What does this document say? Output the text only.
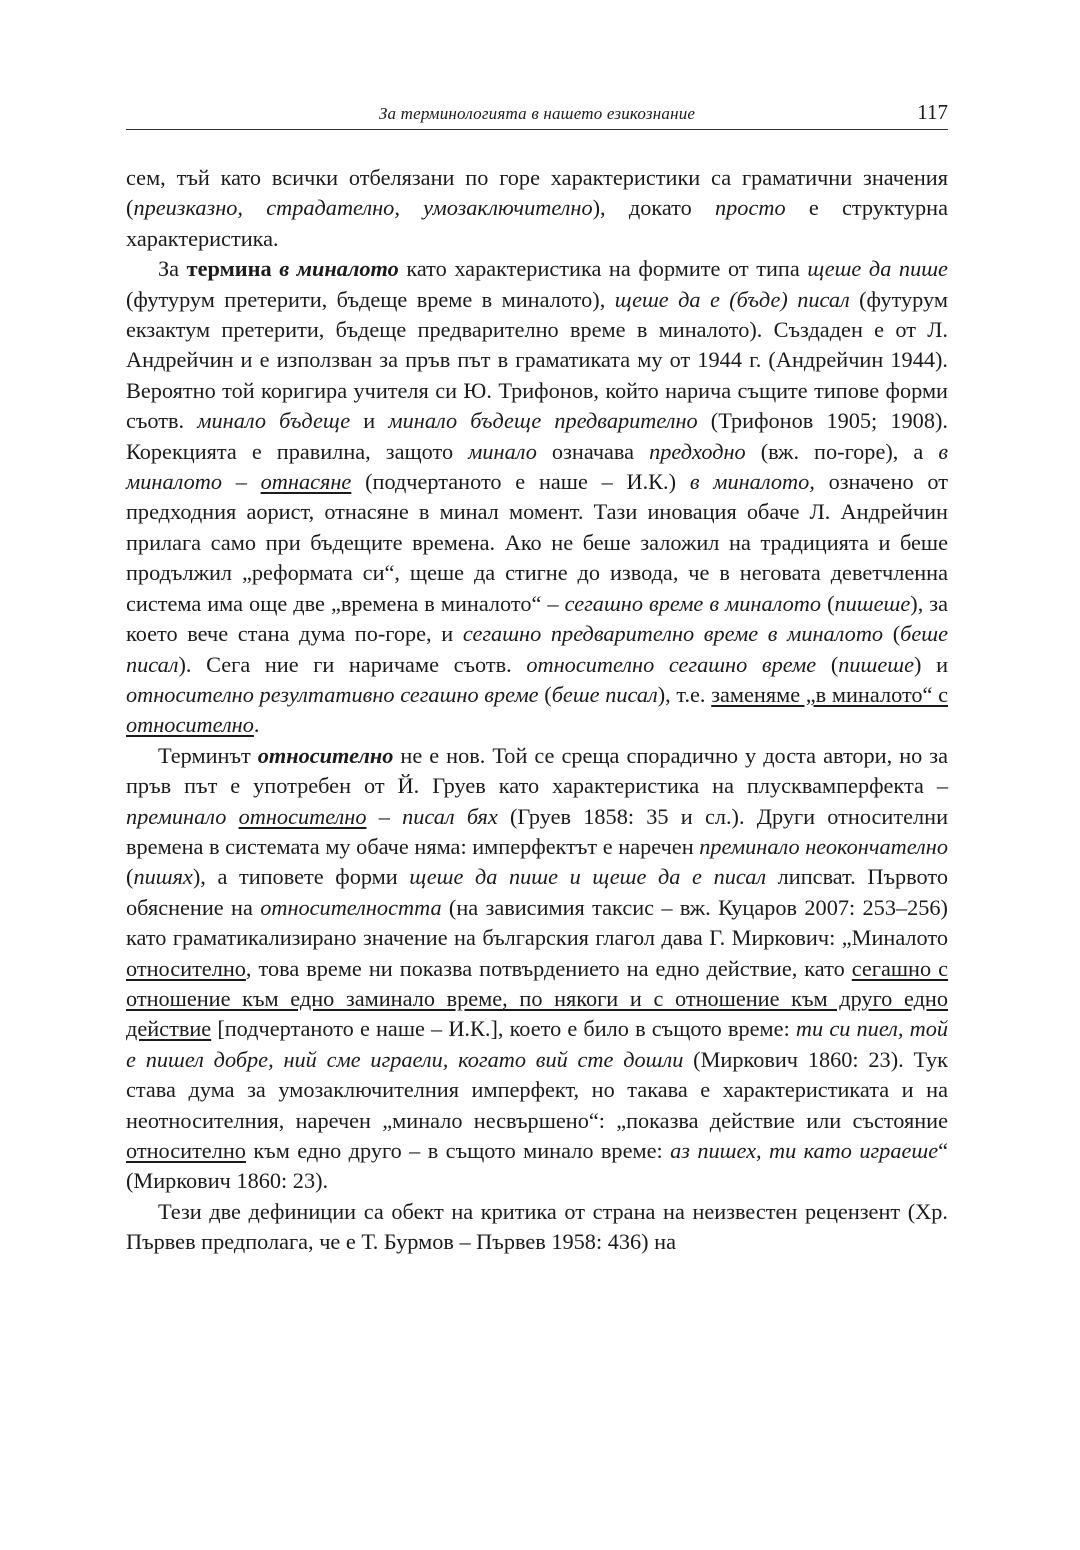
За терминологията в нашето езикознание	117

сем, тъй като всички отбелязани по горе характеристики са граматични значения (преизказно, страдателно, умозаключително), докато просто е структурна характеристика.

За термина в миналото като характеристика на формите от типа щеше да пише (футурум претерити, бъдеще време в миналото), щеше да е (бъде) писал (футурум екзактум претерити, бъдеще предварително време в миналото). Създаден е от Л. Андрейчин и е използван за пръв път в граматиката му от 1944 г. (Андрейчин 1944). Вероятно той коригира учителя си Ю. Трифонов, който нарича същите типове форми съотв. минало бъдеще и минало бъдеще предварително (Трифонов 1905; 1908). Корекцията е правилна, защото минало означава предходно (вж. по-горе), а в миналото – отнасяне (подчертаното е наше – И.К.) в миналото, означено от предходния аорист, отнасяне в минал момент. Тази иновация обаче Л. Андрейчин прилага само при бъдещите времена. Ако не беше заложил на традицията и беше продължил „реформата си“, щеше да стигне до извода, че в неговата деветчленна система има още две „времена в миналото“ – сегашно време в миналото (пишеше), за което вече стана дума по-горе, и сегашно предварително време в миналото (беше писал). Сега ние ги наричаме съотв. относително сегашно време (пишеше) и относително резултативно сегашно време (беше писал), т.е. заменяме „в миналото“ с относително.

Терминът относително не е нов. Той се среща спорадично у доста автори, но за пръв път е употребен от Й. Груев като характеристика на плусквамперфекта – преминало относително – писал бях (Груев 1858: 35 и сл.). Други относителни времена в системата му обаче няма: имперфектът е наречен преминало неокончателно (пишях), а типовете форми щеше да пише и щеше да е писал липсват. Първото обяснение на относителността (на зависимия таксис – вж. Куцаров 2007: 253–256) като граматикализирано значение на българския глагол дава Г. Миркович: „Миналото относително, това време ни показва потвърдението на едно действие, като сегашно с отношение към едно заминало време, по някоги и с отношение към друго едно действие [подчертаното е наше – И.К.], което е било в същото време: ти си пиел, той е пишел добре, ний сме играели, когато вий сте дошли (Миркович 1860: 23). Тук става дума за умозаключителния имперфект, но такава е характеристиката и на неотносителния, наречен „минало несвършено“: „показва действие или състояние относително към едно друго – в същото минало време: аз пишех, ти като играеше“ (Миркович 1860: 23).

Тези две дефиниции са обект на критика от страна на неизвестен рецензент (Хр. Първев предполага, че е Т. Бурмов – Първев 1958: 436) на
